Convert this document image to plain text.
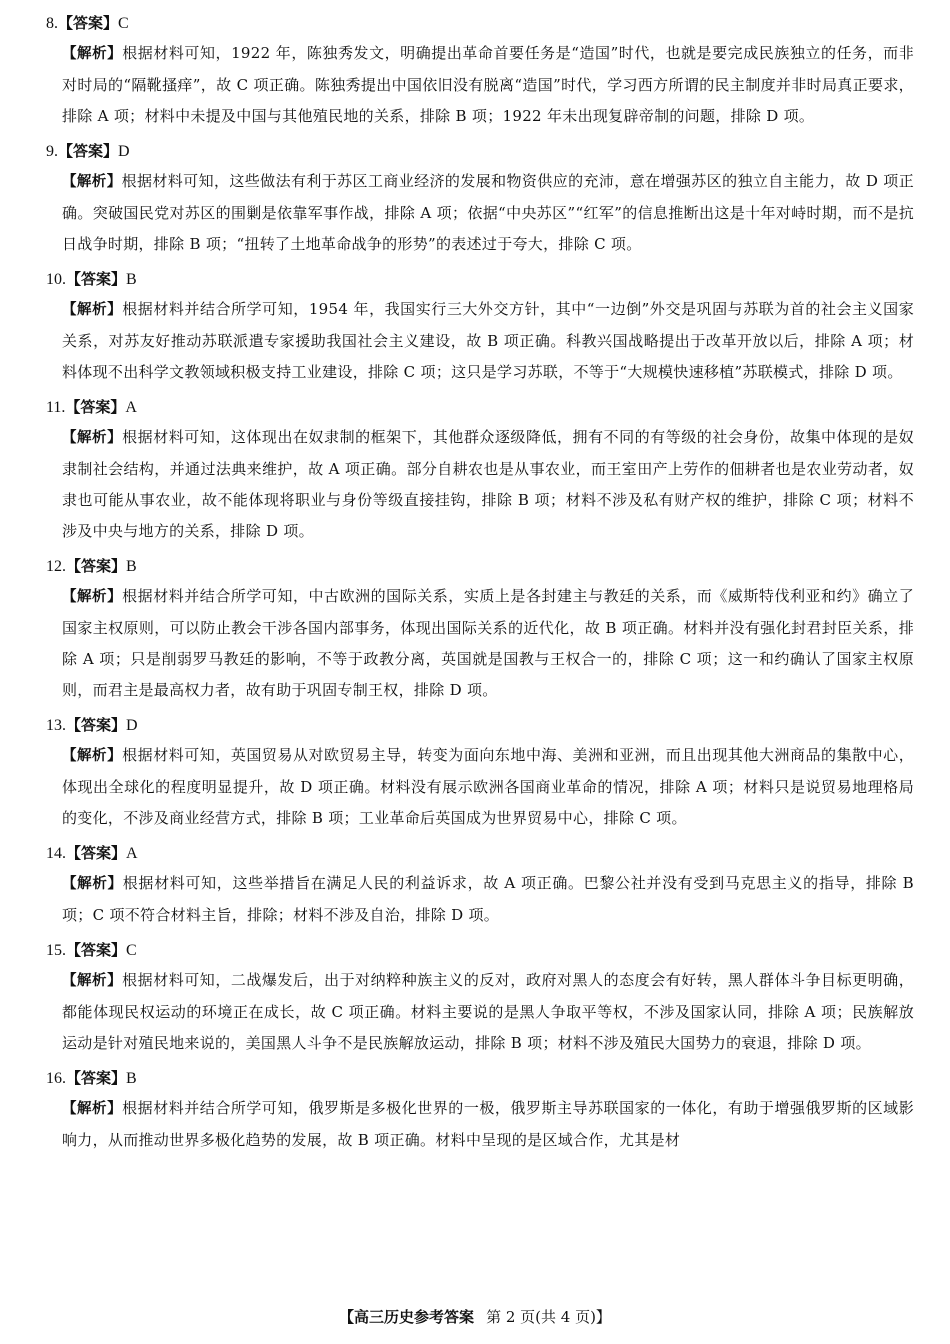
8.【答案】C

【解析】根据材料可知，1922 年，陈独秀发文，明确提出革命首要任务是“造国”时代，也就是要完成民族独立的任务，而非对时局的“隔靴搔痒”，故 C 项正确。陈独秀提出中国依旧没有脱离“造国”时代，学习西方所谓的民主制度并非时局真正要求，排除 A 项；材料中未提及中国与其他殖民地的关系，排除 B 项；1922 年未出现复辟帝制的问题，排除 D 项。

9.【答案】D

【解析】根据材料可知，这些做法有利于苏区工商业经济的发展和物资供应的充沛，意在增强苏区的独立自主能力，故 D 项正确。突破国民党对苏区的围剿是依靠军事作战，排除 A 项；依据“中央苏区”“红军”的信息推断出这是十年对峙时期，而不是抗日战争时期，排除 B 项；“扭转了土地革命战争的形势”的表述过于夸大，排除 C 项。

10.【答案】B

【解析】根据材料并结合所学可知，1954 年，我国实行三大外交方针，其中“一边倒”外交是巩固与苏联为首的社会主义国家关系，对苏友好推动苏联派遣专家援助我国社会主义建设，故 B 项正确。科教兴国战略提出于改革开放以后，排除 A 项；材料体现不出科学文教领域积极支持工业建设，排除 C 项；这只是学习苏联，不等于“大规模快速移植”苏联模式，排除 D 项。

11.【答案】A

【解析】根据材料可知，这体现出在奴隶制的框架下，其他群众逐级降低，拥有不同的有等级的社会身份，故集中体现的是奴隶制社会结构，并通过法典来维护，故 A 项正确。部分自耕农也是从事农业，而王室田产上劳作的佃耕者也是农业劳动者，奴隶也可能从事农业，故不能体现将职业与身份等级直接挂钩，排除 B 项；材料不涉及私有财产权的维护，排除 C 项；材料不涉及中央与地方的关系，排除 D 项。

12.【答案】B

【解析】根据材料并结合所学可知，中古欧洲的国际关系，实质上是各封建主与教廷的关系，而《威斯特伐利亚和约》确立了国家主权原则，可以防止教会干涉各国内部事务，体现出国际关系的近代化，故 B 项正确。材料并没有强化封君封臣关系，排除 A 项；只是削弱罗马教廷的影响，不等于政教分离，英国就是国教与王权合一的，排除 C 项；这一和约确认了国家主权原则，而君主是最高权力者，故有助于巩固专制王权，排除 D 项。

13.【答案】D

【解析】根据材料可知，英国贸易从对欧贸易主导，转变为面向东地中海、美洲和亚洲，而且出现其他大洲商品的集散中心，体现出全球化的程度明显提升，故 D 项正确。材料没有展示欧洲各国商业革命的情况，排除 A 项；材料只是说贸易地理格局的变化，不涉及商业经营方式，排除 B 项；工业革命后英国成为世界贸易中心，排除 C 项。

14.【答案】A

【解析】根据材料可知，这些举措旨在满足人民的利益诉求，故 A 项正确。巴黎公社并没有受到马克思主义的指导，排除 B 项；C 项不符合材料主旨，排除；材料不涉及自治，排除 D 项。

15.【答案】C

【解析】根据材料可知，二战爆发后，出于对纳粹种族主义的反对，政府对黑人的态度会有好转，黑人群体斗争目标更明确，都能体现民权运动的环境正在成长，故 C 项正确。材料主要说的是黑人争取平等权，不涉及国家认同，排除 A 项；民族解放运动是针对殖民地来说的，美国黑人斗争不是民族解放运动，排除 B 项；材料不涉及殖民大国势力的衰退，排除 D 项。

16.【答案】B

【解析】根据材料并结合所学可知，俄罗斯是多极化世界的一极，俄罗斯主导苏联国家的一体化，有助于增强俄罗斯的区域影响力，从而推动世界多极化趋势的发展，故 B 项正确。材料中呈现的是区域合作，尤其是材

【高三历史参考答案 第 2 页(共 4 页)】
